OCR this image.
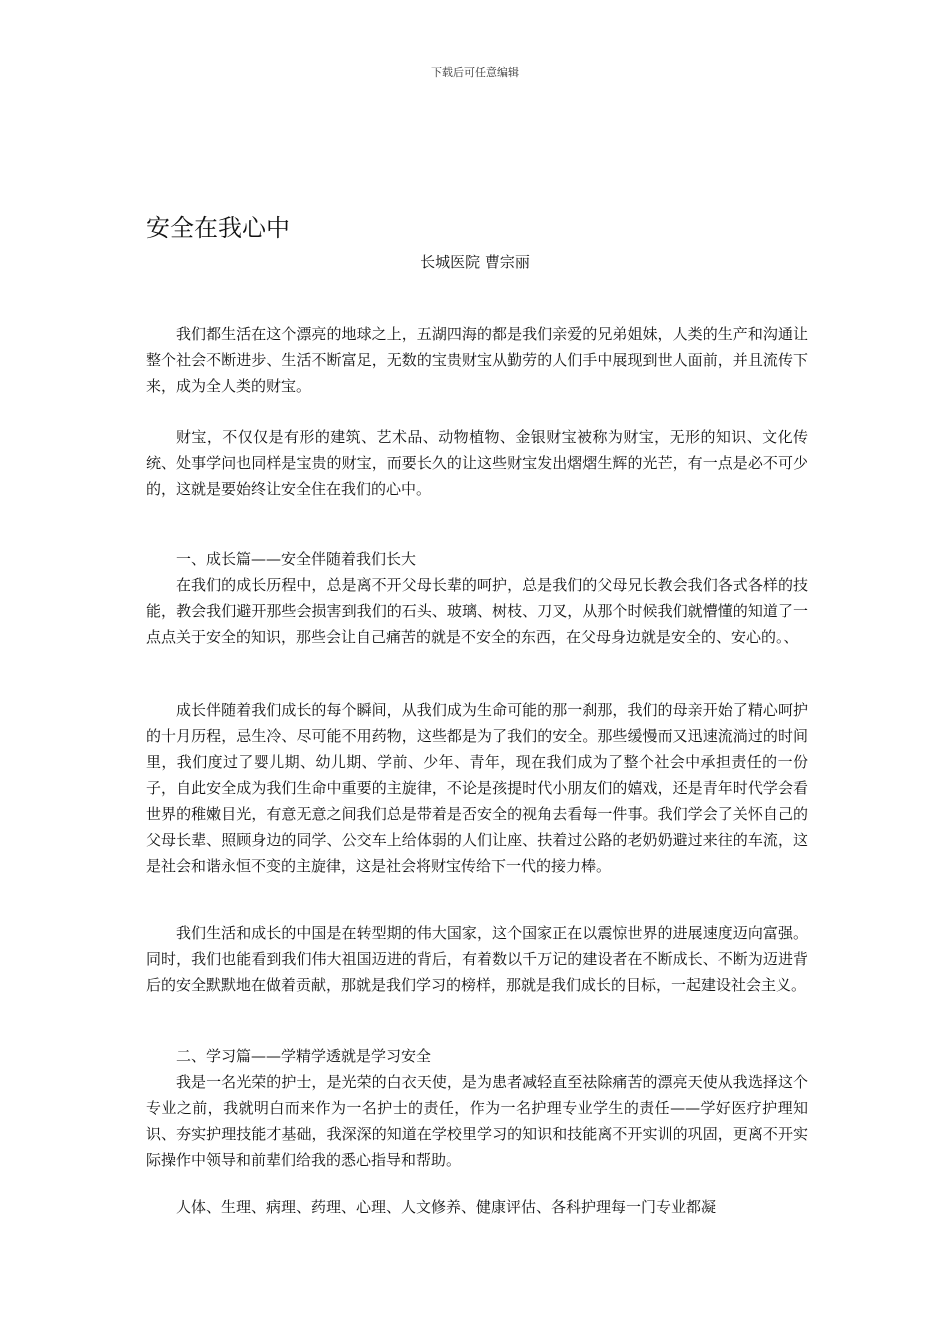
下载后可任意编辑
安全在我心中
长城医院 曹宗丽

我们都生活在这个漂亮的地球之上，五湖四海的都是我们亲爱的兄弟姐妹，人类的生产和沟通让整个社会不断进步、生活不断富足，无数的宝贵财宝从勤劳的人们手中展现到世人面前，并且流传下来，成为全人类的财宝。

财宝，不仅仅是有形的建筑、艺术品、动物植物、金银财宝被称为财宝，无形的知识、文化传统、处事学问也同样是宝贵的财宝，而要长久的让这些财宝发出熠熠生辉的光芒，有一点是必不可少的，这就是要始终让安全住在我们的心中。

一、成长篇——安全伴随着我们长大

在我们的成长历程中，总是离不开父母长辈的呵护，总是我们的父母兄长教会我们各式各样的技能，教会我们避开那些会损害到我们的石头、玻璃、树枝、刀叉，从那个时候我们就懵懂的知道了一点点关于安全的知识，那些会让自己痛苦的就是不安全的东西，在父母身边就是安全的、安心的。、

成长伴随着我们成长的每个瞬间，从我们成为生命可能的那一刹那，我们的母亲开始了精心呵护的十月历程，忌生冷、尽可能不用药物，这些都是为了我们的安全。那些缓慢而又迅速流淌过的时间里，我们度过了婴儿期、幼儿期、学前、少年、青年，现在我们成为了整个社会中承担责任的一份子，自此安全成为我们生命中重要的主旋律，不论是孩提时代小朋友们的嬉戏，还是青年时代学会看世界的稚嫩目光，有意无意之间我们总是带着是否安全的视角去看每一件事。我们学会了关怀自己的父母长辈、照顾身边的同学、公交车上给体弱的人们让座、扶着过公路的老奶奶避过来往的车流，这是社会和谐永恒不变的主旋律，这是社会将财宝传给下一代的接力棒。

我们生活和成长的中国是在转型期的伟大国家，这个国家正在以震惊世界的进展速度迈向富强。同时，我们也能看到我们伟大祖国迈进的背后，有着数以千万记的建设者在不断成长、不断为迈进背后的安全默默地在做着贡献，那就是我们学习的榜样，那就是我们成长的目标，一起建设社会主义。

二、学习篇——学精学透就是学习安全

我是一名光荣的护士，是光荣的白衣天使，是为患者减轻直至祛除痛苦的漂亮天使从我选择这个专业之前，我就明白而来作为一名护士的责任，作为一名护理专业学生的责任——学好医疗护理知识、夯实护理技能才基础，我深深的知道在学校里学习的知识和技能离不开实训的巩固，更离不开实际操作中领导和前辈们给我的悉心指导和帮助。

人体、生理、病理、药理、心理、人文修养、健康评估、各科护理每一门专业都凝
